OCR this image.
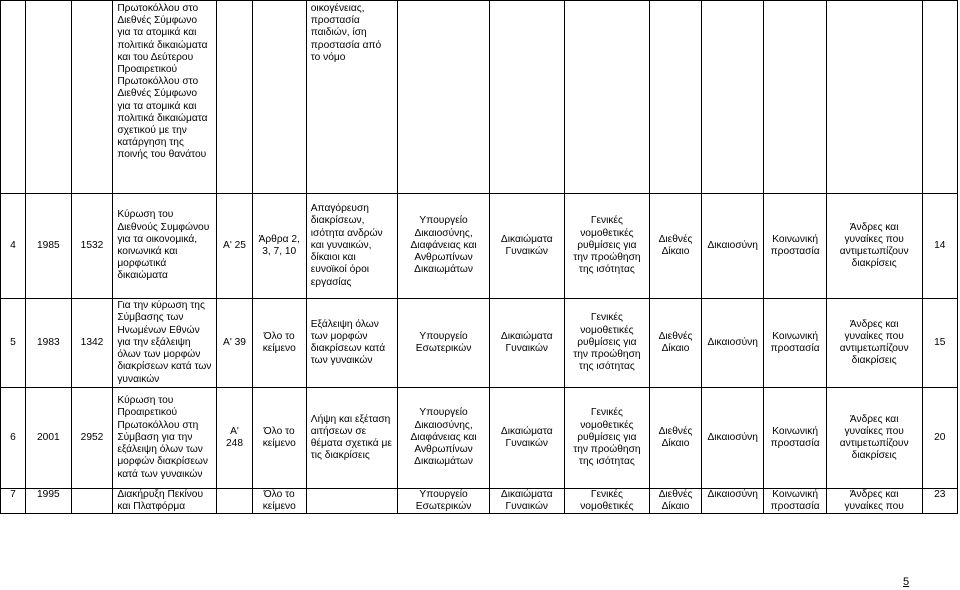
			Πρωτοκόλλου στο Διεθνές Σύμφωνο για τα ατομικά και πολιτικά δικαιώματα και του Δεύτερου Προαιρετικού Πρωτοκόλλου στο Διεθνές Σύμφωνο για τα ατομικά και πολιτικά δικαιώματα σχετικού με την κατάργηση της ποινής του θανάτου			οικογένειας, προστασία παιδιών, ίση προστασία από το νόμο								
4	1985	1532	Κύρωση του Διεθνούς Συμφώνου για τα οικονομικά, κοινωνικά και μορφωτικά δικαιώματα	Α' 25	Άρθρα 2, 3, 7, 10	Απαγόρευση διακρίσεων, ισότητα ανδρών και γυναικών, δίκαιοι και ευνοϊκοί όροι εργασίας	Υπουργείο Δικαιοσύνης, Διαφάνειας και Ανθρωπίνων Δικαιωμάτων	Δικαιώματα Γυναικών	Γενικές νομοθετικές ρυθμίσεις για την προώθηση της ισότητας	Διεθνές Δίκαιο	Δικαιοσύνη	Κοινωνική προστασία	Άνδρες και γυναίκες που αντιμετωπίζουν διακρίσεις	14
5	1983	1342	Για την κύρωση της Σύμβασης των Ηνωμένων Εθνών για την εξάλειψη όλων των μορφών διακρίσεων κατά των γυναικών	Α' 39	Όλο το κείμενο	Εξάλειψη όλων των μορφών διακρίσεων κατά των γυναικών	Υπουργείο Εσωτερικών	Δικαιώματα Γυναικών	Γενικές νομοθετικές ρυθμίσεις για την προώθηση της ισότητας	Διεθνές Δίκαιο	Δικαιοσύνη	Κοινωνική προστασία	Άνδρες και γυναίκες που αντιμετωπίζουν διακρίσεις	15
6	2001	2952	Κύρωση του Προαιρετικού Πρωτοκόλλου στη Σύμβαση για την εξάλειψη όλων των μορφών διακρίσεων κατά των γυναικών	Α' 248	Όλο το κείμενο	Λήψη και εξέταση αιτήσεων σε θέματα σχετικά με τις διακρίσεις	Υπουργείο Δικαιοσύνης, Διαφάνειας και Ανθρωπίνων Δικαιωμάτων	Δικαιώματα Γυναικών	Γενικές νομοθετικές ρυθμίσεις για την προώθηση της ισότητας	Διεθνές Δίκαιο	Δικαιοσύνη	Κοινωνική προστασία	Άνδρες και γυναίκες που αντιμετωπίζουν διακρίσεις	20
7	1995		Διακήρυξη Πεκίνου και Πλατφόρμα		Όλο το κείμενο		Υπουργείο Εσωτερικών	Δικαιώματα Γυναικών	Γενικές νομοθετικές	Διεθνές Δίκαιο	Δικαιοσύνη	Κοινωνική προστασία	Άνδρες και γυναίκες που	23
5
